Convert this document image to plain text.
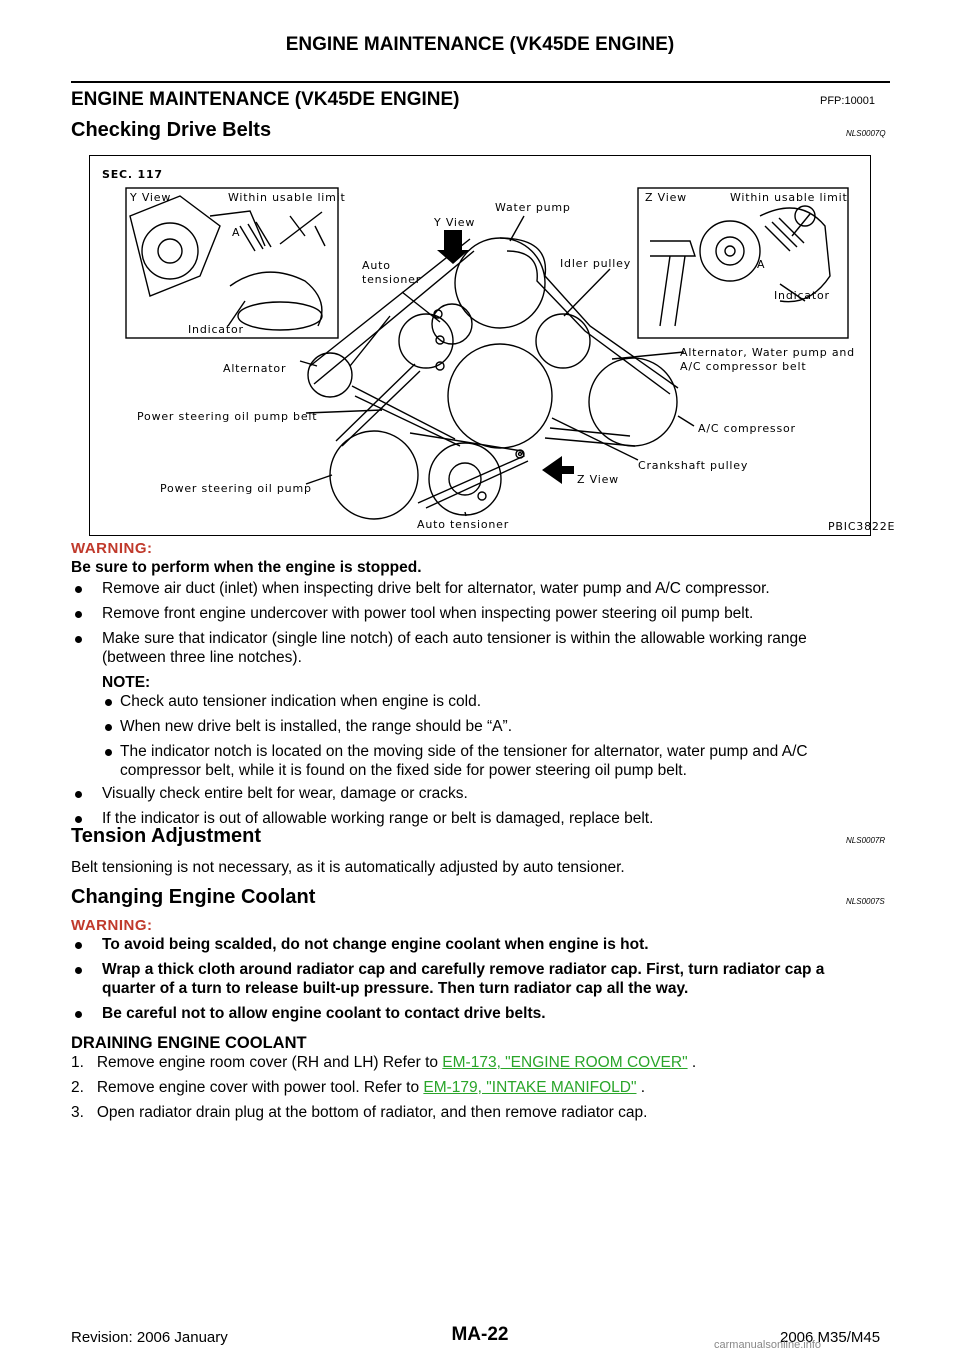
ENGINE MAINTENANCE (VK45DE ENGINE)
ENGINE MAINTENANCE (VK45DE ENGINE)	PFP:10001
Checking Drive Belts	NLS0007Q
SEC. 117
Y View	Within usable limit
A
Indicator
Y View
Water pump
Auto
tensioner
Idler pulley
Z View	Within usable limit
A
Indicator
Alternator, Water pump and
A/C compressor belt
Alternator
Power steering oil pump belt
A/C compressor
Crankshaft pulley
Power steering oil pump
Z View
Auto tensioner	PBIC3822E
WARNING:
Be sure to perform when the engine is stopped.
Remove air duct (inlet) when inspecting drive belt for alternator, water pump and A/C compressor.
Remove front engine undercover with power tool when inspecting power steering oil pump belt.
Make sure that indicator (single line notch) of each auto tensioner is within the allowable working range
(between three line notches).
NOTE:
Check auto tensioner indication when engine is cold.
When new drive belt is installed, the range should be “A”.
The indicator notch is located on the moving side of the tensioner for alternator, water pump and A/C
compressor belt, while it is found on the fixed side for power steering oil pump belt.
Visually check entire belt for wear, damage or cracks.
If the indicator is out of allowable working range or belt is damaged, replace belt.
Tension Adjustment	NLS0007R
Belt tensioning is not necessary, as it is automatically adjusted by auto tensioner.
Changing Engine Coolant	NLS0007S
WARNING:
To avoid being scalded, do not change engine coolant when engine is hot.
Wrap a thick cloth around radiator cap and carefully remove radiator cap. First, turn radiator cap a
quarter of a turn to release built-up pressure. Then turn radiator cap all the way.
Be careful not to allow engine coolant to contact drive belts.
DRAINING ENGINE COOLANT
1.   Remove engine room cover (RH and LH) Refer to EM-173, "ENGINE ROOM COVER" .
2.   Remove engine cover with power tool. Refer to EM-179, "INTAKE MANIFOLD" .
3.   Open radiator drain plug at the bottom of radiator, and then remove radiator cap.
Revision: 2006 January	MA-22	2006 M35/M45
carmanualsonline.info
